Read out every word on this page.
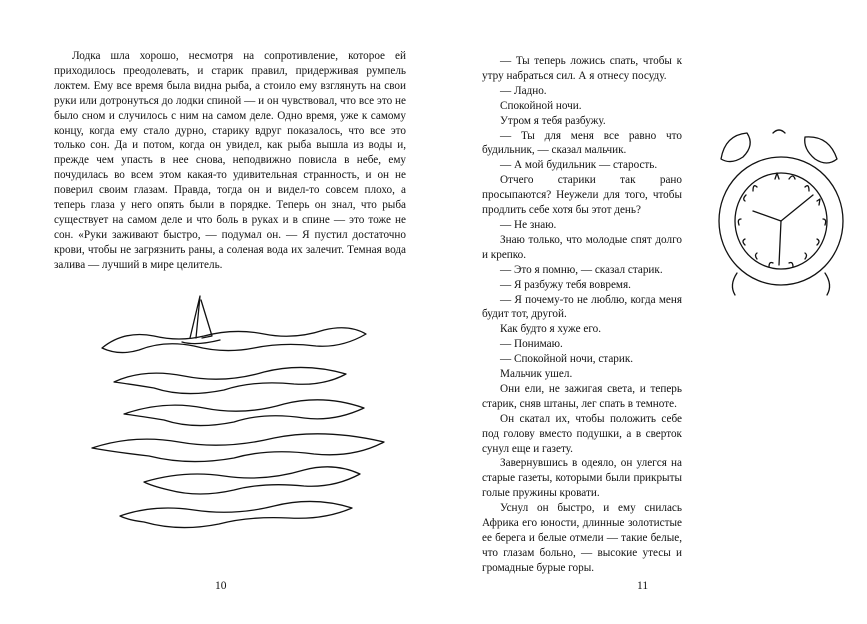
Лодка шла хорошо, несмотря на сопротивление, которое ей приходилось преодолевать, и старик правил, придерживая румпель локтем. Ему все время была видна рыба, а стоило ему взглянуть на свои руки или дотронуться до лодки спиной — и он чувствовал, что все это не было сном и случилось с ним на самом деле. Одно время, уже к самому концу, когда ему стало дурно, старику вдруг показалось, что все это только сон. Да и потом, когда он увидел, как рыба вышла из воды и, прежде чем упасть в нее снова, неподвижно повисла в небе, ему почудилась во всем этом какая-то удивительная странность, и он не поверил своим глазам. Правда, тогда он и видел-то совсем плохо, а теперь глаза у него опять были в порядке. Теперь он знал, что рыба существует на самом деле и что боль в руках и в спине — это тоже не сон. «Руки заживают быстро, — подумал он. — Я пустил достаточно крови, чтобы не загрязнить раны, а соленая вода их залечит. Темная вода залива — лучший в мире целитель.

10

— Ты теперь ложись спать, чтобы к утру набраться сил. А я отнесу посуду.

— Ладно.

Спокойной ночи.

Утром я тебя разбужу.

— Ты для меня все равно что будильник, — сказал мальчик.

— А мой будильник — старость.

Отчего старики так рано просыпаются? Неужели для того, чтобы продлить себе хотя бы этот день?

— Не знаю.

Знаю только, что молодые спят долго и крепко.

— Это я помню, — сказал старик.

— Я разбужу тебя вовремя.

— Я почему-то не люблю, когда меня будит тот, другой.

Как будто я хуже его.

— Понимаю.

— Спокойной ночи, старик.

Мальчик ушел.

Они ели, не зажигая света, и теперь старик, сняв штаны, лег спать в темноте.

Он скатал их, чтобы положить себе под голову вместо подушки, а в сверток сунул еще и газету.

Завернувшись в одеяло, он улегся на старые газеты, которыми были прикрыты голые пружины кровати.

Уснул он быстро, и ему снилась Африка его юности, длинные золотистые ее берега и белые отмели — такие белые, что глазам больно, — высокие утесы и громадные бурые горы.

11
